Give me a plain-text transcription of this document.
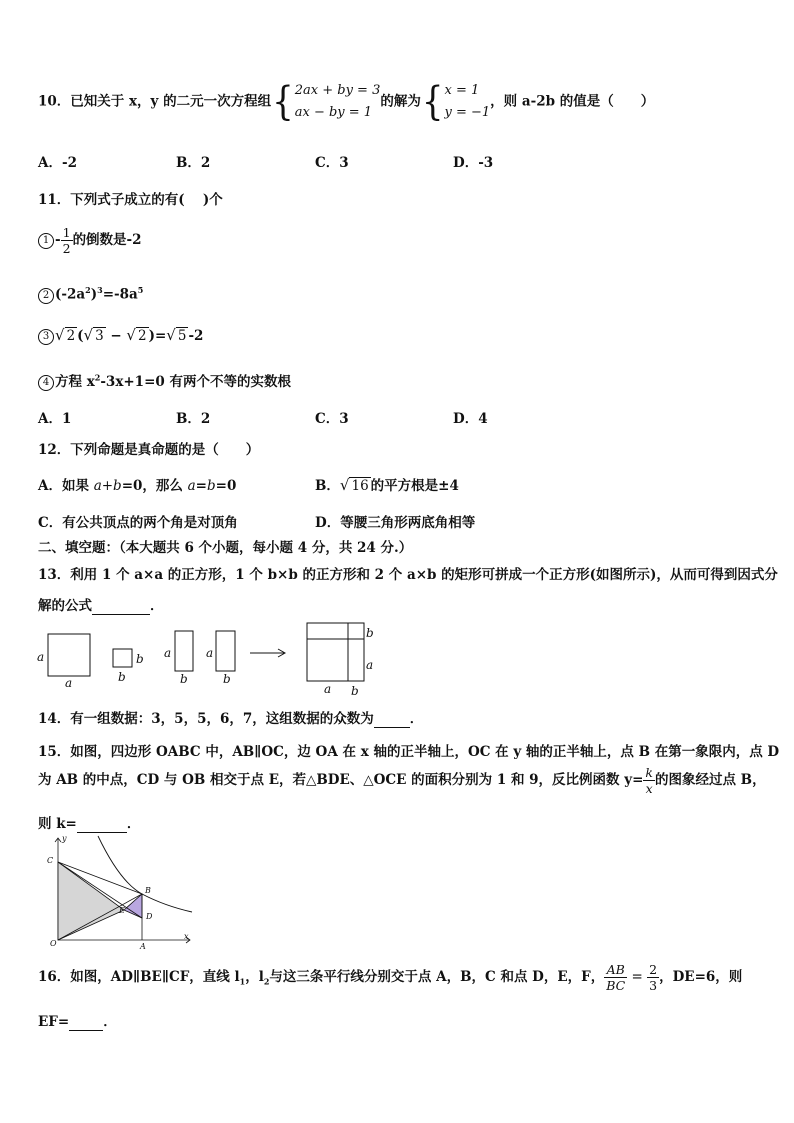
10．已知关于 x，y 的二元一次方程组{ 2ax + by = 3
ax − by = 1
的解为{ x = 1
y = −1
，则 a-2b 的值是（　　）
A．-2	B．2	C．3	D．-3
11．下列式子成立的有(　 )个
$1 - \frac{1}{2}$ 的倒数是-2
2 $(-2a^2)^3=-8a^5$
3 √ 2 (√ 3 − √ 2 )=√ 5 -2
4 方程 $x^2-3x+1=0$ 有两个不等的实数根
A．1	B．2	C．3	D．4
12．下列命题是真命题的是（　　）
A．如果 a+b=0，那么 a=b=0	B．√ 16 的平方根是±4
C．有公共顶点的两个角是对顶角	D．等腰三角形两底角相等
二、填空题：（本大题共 6 个小题，每小题 4 分，共 24 分.）
13．利用 1 个 a×a 的正方形，1 个 b×b 的正方形和 2 个 a×b 的矩形可拼成一个正方形(如图所示)，从而可得到因式分
解的公式	．
a
a
b
b
a
b
a
b
b
a
a b
14．有一组数据：3，5，5，6，7，这组数据的众数为	．
15．如图，四边形 OABC 中，AB∥OC，边 OA 在 x 轴的正半轴上，OC 在 y 轴的正半轴上，点 B 在第一象限内，点 D
为 AB 的中点，CD 与 OB 相交于点 E，若△BDE、△OCE 的面积分别为 1 和 9，反比例函数 $y= \frac{k}{x}$ 的图象经过点 B，
则 k=	．
C
y
B
E
D
O	A
x
16．如图，AD∥BE∥CF，直线 $l_1$，$l_2$与这三条平行线分别交于点 A，B，C 和点 D，E，F， $\frac{AB}{BC} = \frac{2}{3}$ ，DE=6，则
EF=	．
